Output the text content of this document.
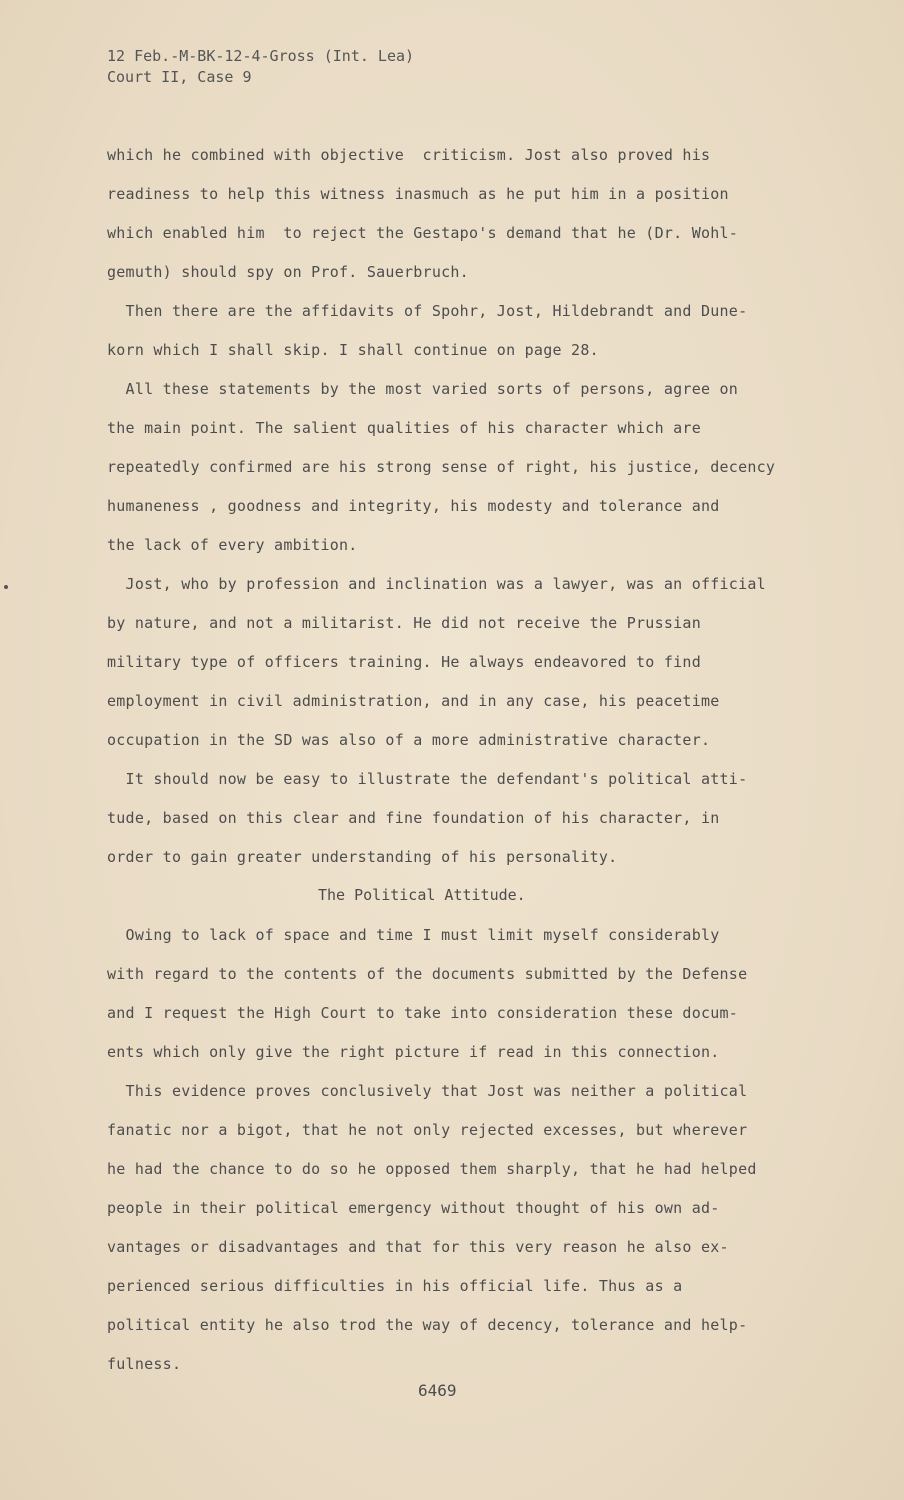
12 Feb.-M-BK-12-4-Gross (Int. Lea)
Court II, Case 9
which he combined with objective  criticism. Jost also proved his
readiness to help this witness inasmuch as he put him in a position
which enabled him  to reject the Gestapo's demand that he (Dr. Wohl-
gemuth) should spy on Prof. Sauerbruch.
Then there are the affidavits of Spohr, Jost, Hildebrandt and Dune-
korn which I shall skip. I shall continue on page 28.
All these statements by the most varied sorts of persons, agree on
the main point. The salient qualities of his character which are
repeatedly confirmed are his strong sense of right, his justice, decency
humaneness , goodness and integrity, his modesty and tolerance and
the lack of every ambition.
Jost, who by profession and inclination was a lawyer, was an official
by nature, and not a militarist. He did not receive the Prussian
military type of officers training. He always endeavored to find
employment in civil administration, and in any case, his peacetime
occupation in the SD was also of a more administrative character.
It should now be easy to illustrate the defendant's political atti-
tude, based on this clear and fine foundation of his character, in
order to gain greater understanding of his personality.
The Political Attitude.
Owing to lack of space and time I must limit myself considerably
with regard to the contents of the documents submitted by the Defense
and I request the High Court to take into consideration these docum-
ents which only give the right picture if read in this connection.
This evidence proves conclusively that Jost was neither a political
fanatic nor a bigot, that he not only rejected excesses, but wherever
he had the chance to do so he opposed them sharply, that he had helped
people in their political emergency without thought of his own ad-
vantages or disadvantages and that for this very reason he also ex-
perienced serious difficulties in his official life. Thus as a
political entity he also trod the way of decency, tolerance and help-
fulness.
6469
